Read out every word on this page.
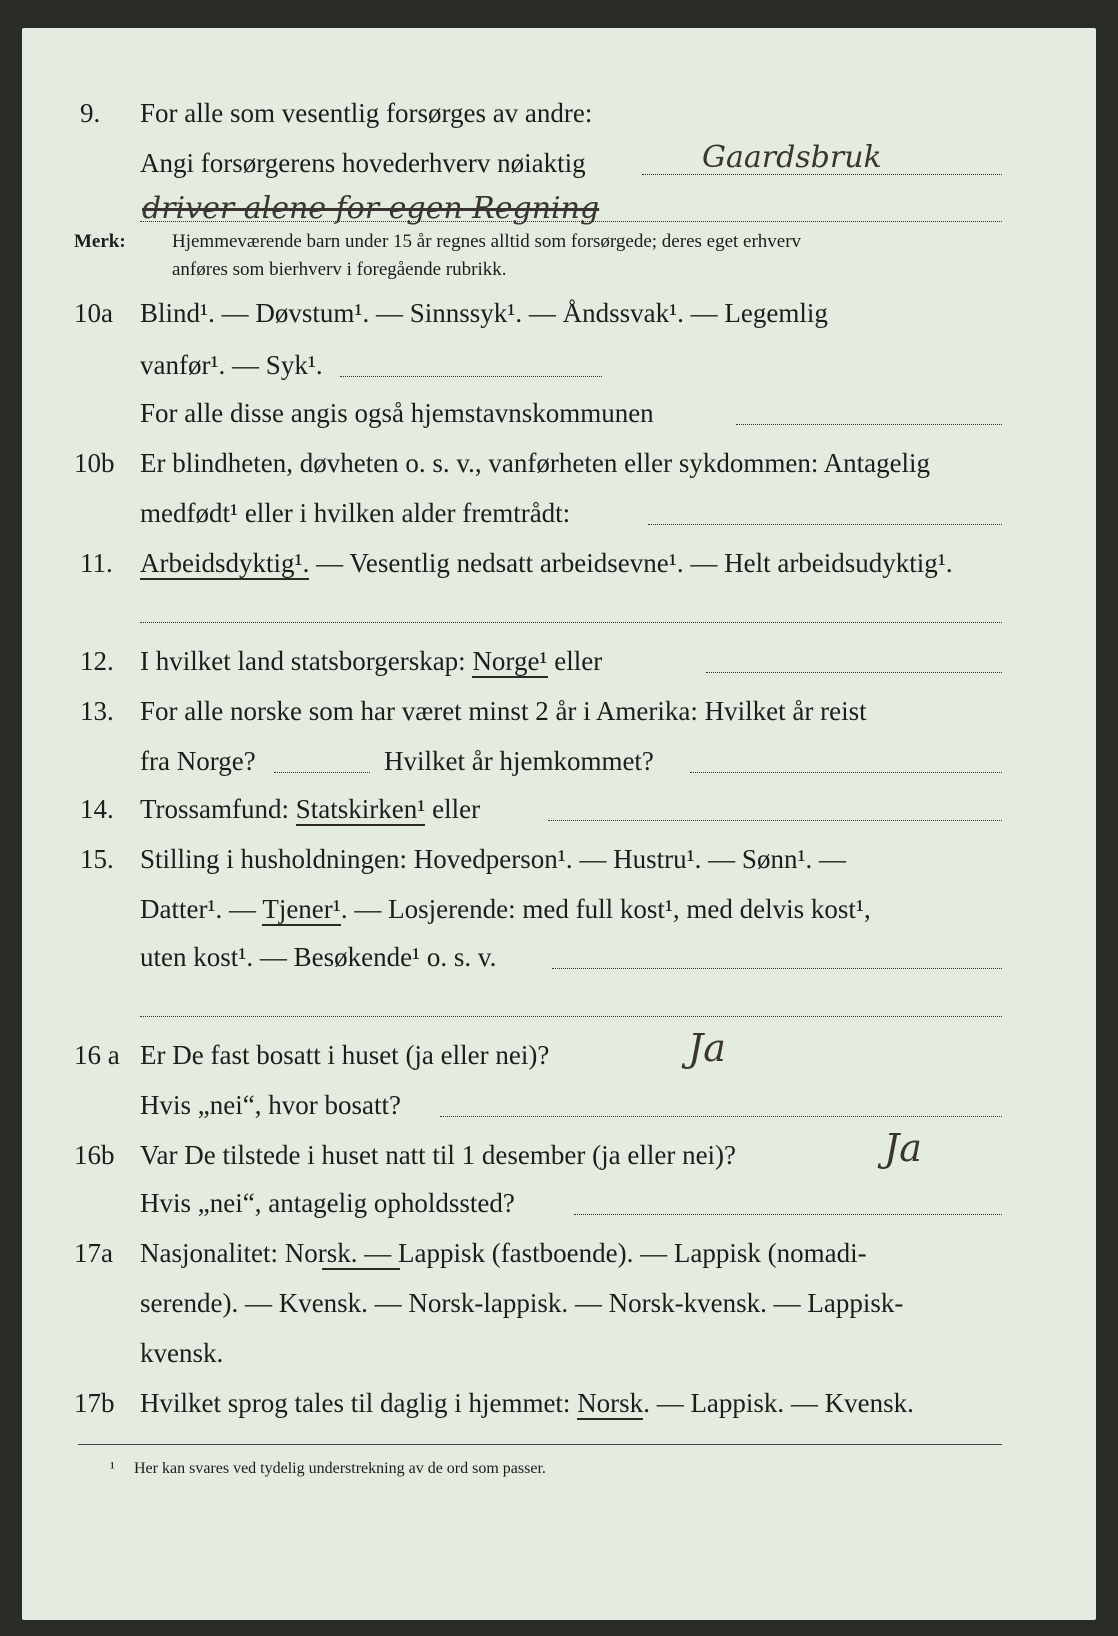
9. For alle som vesentlig forsørges av andre:
Angi forsørgerens hovederhverv nøiaktig	Gaardsbruk
driver alene for egen Regning
Merk: Hjemmeværende barn under 15 år regnes alltid som forsørgede; deres eget erhverv
anføres som bierhverv i foregående rubrikk.
10a Blind¹. — Døvstum¹. — Sinnssyk¹. — Åndssvak¹. — Legemlig
vanfør¹. — Syk¹.
For alle disse angis også hjemstavnskommunen
10b Er blindheten, døvheten o. s. v., vanførheten eller sykdommen: Antagelig
medfødt¹ eller i hvilken alder fremtrådt:
11. Arbeidsdyktig¹. — Vesentlig nedsatt arbeidsevne¹. — Helt arbeidsudyktig¹.
12. I hvilket land statsborgerskap: Norge¹ eller
13. For alle norske som har været minst 2 år i Amerika: Hvilket år reist
fra Norge?	Hvilket år hjemkommet?
14. Trossamfund: Statskirken¹ eller
15. Stilling i husholdningen: Hovedperson¹. — Hustru¹. — Sønn¹. —
Datter¹. — Tjener¹. — Losjerende: med full kost¹, med delvis kost¹,
uten kost¹. — Besøkende¹ o. s. v.
16 a Er De fast bosatt i huset (ja eller nei)?	Ja
Hvis „nei“, hvor bosatt?
16b Var De tilstede i huset natt til 1 desember (ja eller nei)?	Ja
Hvis „nei“, antagelig opholdssted?
17a Nasjonalitet: Norsk. — Lappisk (fastboende). — Lappisk (nomadi-
serende). — Kvensk. — Norsk-lappisk. — Norsk-kvensk. — Lappisk-
kvensk.
17b Hvilket sprog tales til daglig i hjemmet: Norsk. — Lappisk. — Kvensk.
¹ Her kan svares ved tydelig understrekning av de ord som passer.
